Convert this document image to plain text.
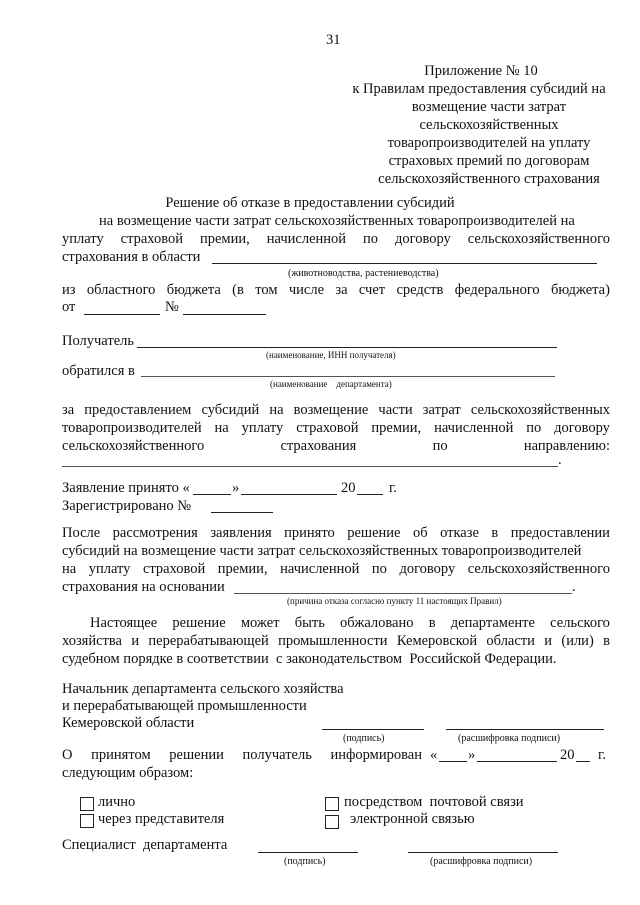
31
Приложение № 10
к Правилам предоставления субсидий на
возмещение части затрат
сельскохозяйственных
товаропроизводителей на уплату
страховых премий по договорам
сельскохозяйственного страхования
Решение об отказе в предоставлении субсидий
на возмещение части затрат сельскохозяйственных товаропроизводителей на
уплату страховой премии, начисленной по договору сельскохозяйственного
страхования в области
(животноводства, растениеводства)
из областного бюджета (в том числе за счет средств федерального бюджета)
от	№
Получатель
(наименование, ИНН получателя)
обратился в
(наименование    департамента)
за предоставлением субсидий на возмещение части затрат сельскохозяйственных
товаропроизводителей на уплату страховой премии, начисленной по договору
сельскохозяйственного	страхования	по	направлению:
.
Заявление принято «	»	20 г.
Зарегистрировано №
После рассмотрения заявления принято решение об отказе в предоставлении
субсидий на возмещение части затрат сельскохозяйственных товаропроизводителей
на уплату страховой премии, начисленной по договору сельскохозяйственного
страхования на основании	.
(причина отказа согласно пункту 11 настоящих Правил)
Настоящее решение может быть обжаловано в департаменте сельского
хозяйства и перерабатывающей промышленности Кемеровской области и (или) в
судебном порядке в соответствии  с законодательством  Российской Федерации.
Начальник департамента сельского хозяйства
и перерабатывающей промышленности
Кемеровской области
(подпись)	(расшифровка подписи)
О принятом решении получатель информирован « »	20 г.
следующим образом:
лично
через представителя
посредством  почтовой связи
электронной связью
Специалист  департамента
(подпись)	(расшифровка подписи)
